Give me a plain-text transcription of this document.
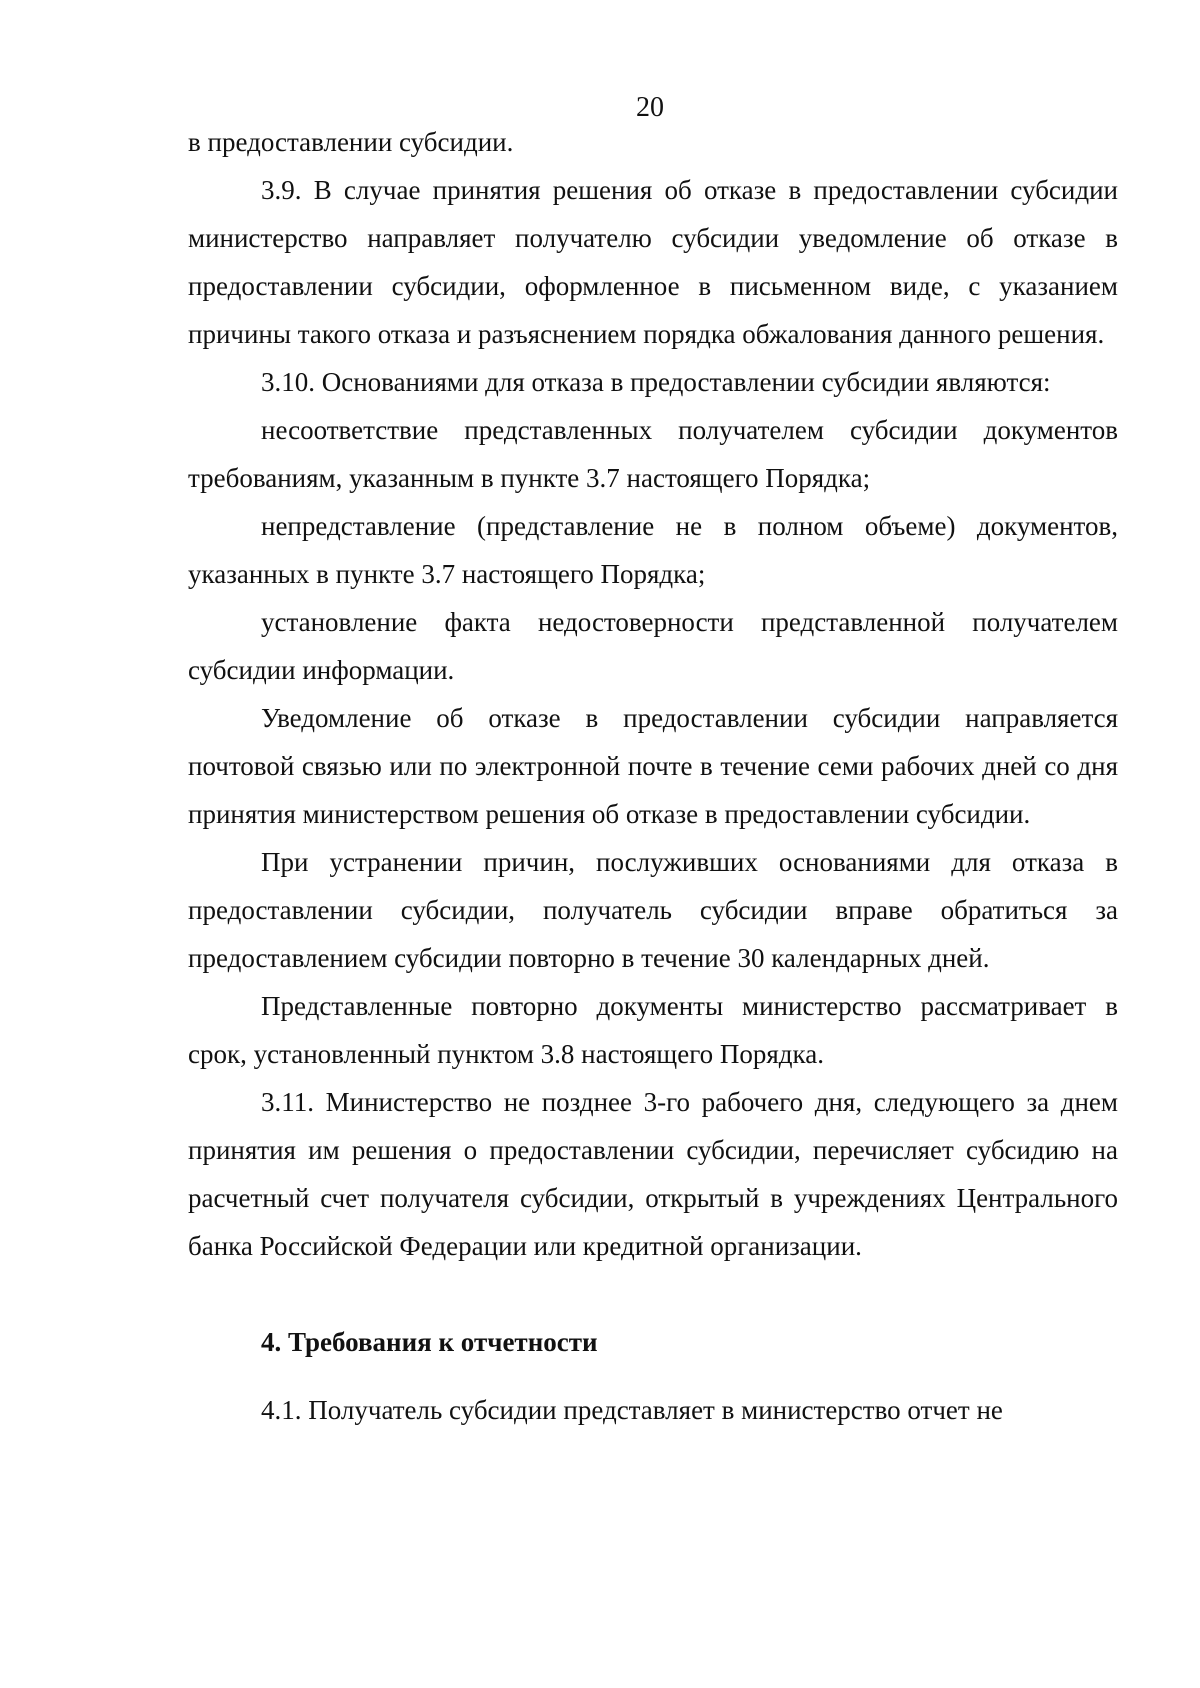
20

в предоставлении субсидии.

3.9. В случае принятия решения об отказе в предоставлении субсидии министерство направляет получателю субсидии уведомление об отказе в предоставлении субсидии, оформленное в письменном виде, с указанием причины такого отказа и разъяснением порядка обжалования данного решения.

3.10. Основаниями для отказа в предоставлении субсидии являются:

несоответствие представленных получателем субсидии документов требованиям, указанным в пункте 3.7 настоящего Порядка;

непредставление (представление не в полном объеме) документов, указанных в пункте 3.7 настоящего Порядка;

установление факта недостоверности представленной получателем субсидии информации.

Уведомление об отказе в предоставлении субсидии направляется почтовой связью или по электронной почте в течение семи рабочих дней со дня принятия министерством решения об отказе в предоставлении субсидии.

При устранении причин, послуживших основаниями для отказа в предоставлении субсидии, получатель субсидии вправе обратиться за предоставлением субсидии повторно в течение 30 календарных дней.

Представленные повторно документы министерство рассматривает в срок, установленный пунктом 3.8 настоящего Порядка.

3.11. Министерство не позднее 3-го рабочего дня, следующего за днем принятия им решения о предоставлении субсидии, перечисляет субсидию на расчетный счет получателя субсидии, открытый в учреждениях Центрального банка Российской Федерации или кредитной организации.

4. Требования к отчетности

4.1. Получатель субсидии представляет в министерство отчет не
